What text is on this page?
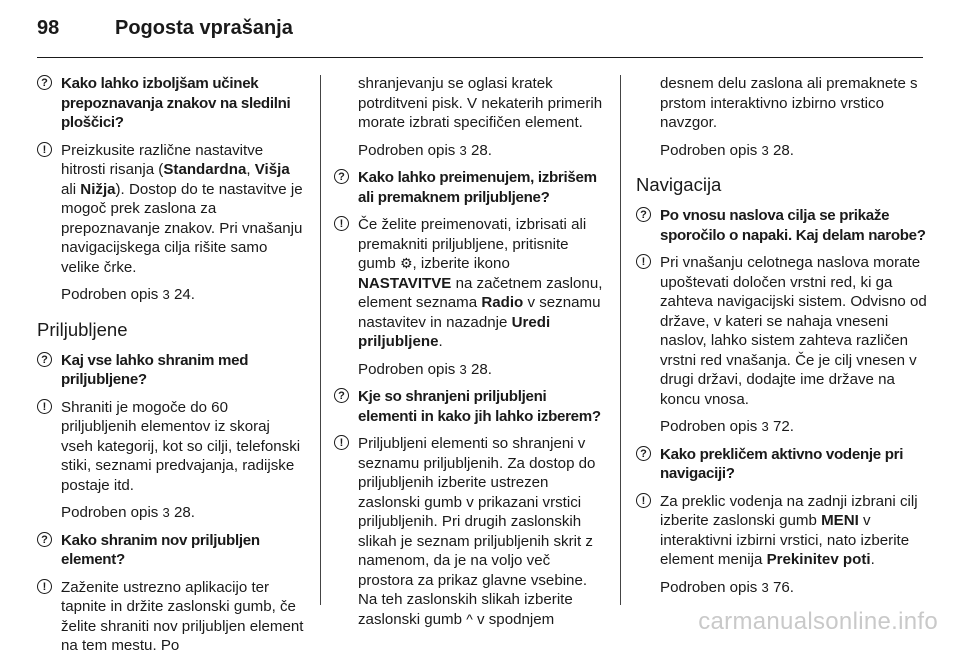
98	Pogosta vprašanja
? Kako lahko izboljšam učinek prepoznavanja znakov na sledilni ploščici?
! Preizkusite različne nastavitve hitrosti risanja (Standardna, Višja ali Nižja). Dostop do te nastavitve je mogoč prek zaslona za prepoznavanje znakov. Pri vnašanju navigacijskega cilja rišite samo velike črke.
Podroben opis 3 24.
Priljubljene
? Kaj vse lahko shranim med priljubljene?
! Shraniti je mogoče do 60 priljubljenih elementov iz skoraj vseh kategorij, kot so cilji, telefonski stiki, seznami predvajanja, radijske postaje itd.
Podroben opis 3 28.
? Kako shranim nov priljubljen element?
! Zaženite ustrezno aplikacijo ter tapnite in držite zaslonski gumb, če želite shraniti nov priljubljen element na tem mestu. Po
shranjevanju se oglasi kratek potrditveni pisk. V nekaterih primerih morate izbrati specifičen element.
Podroben opis 3 28.
? Kako lahko preimenujem, izbrišem ali premaknem priljubljene?
! Če želite preimenovati, izbrisati ali premakniti priljubljene, pritisnite gumb ⚙, izberite ikono NASTAVITVE na začetnem zaslonu, element seznama Radio v seznamu nastavitev in nazadnje Uredi priljubljene.
Podroben opis 3 28.
? Kje so shranjeni priljubljeni elementi in kako jih lahko izberem?
! Priljubljeni elementi so shranjeni v seznamu priljubljenih. Za dostop do priljubljenih izberite ustrezen zaslonski gumb v prikazani vrstici priljubljenih. Pri drugih zaslonskih slikah je seznam priljubljenih skrit z namenom, da je na voljo več prostora za prikaz glavne vsebine. Na teh zaslonskih slikah izberite zaslonski gumb ^ v spodnjem
desnem delu zaslona ali premaknete s prstom interaktivno izbirno vrstico navzgor.
Podroben opis 3 28.
Navigacija
? Po vnosu naslova cilja se prikaže sporočilo o napaki. Kaj delam narobe?
! Pri vnašanju celotnega naslova morate upoštevati določen vrstni red, ki ga zahteva navigacijski sistem. Odvisno od države, v kateri se nahaja vneseni naslov, lahko sistem zahteva različen vrstni red vnašanja. Če je cilj vnesen v drugi državi, dodajte ime države na koncu vnosa.
Podroben opis 3 72.
? Kako prekličem aktivno vodenje pri navigaciji?
! Za preklic vodenja na zadnji izbrani cilj izberite zaslonski gumb MENI v interaktivni izbirni vrstici, nato izberite element menija Prekinitev poti.
Podroben opis 3 76.
carmanualsonline.info
